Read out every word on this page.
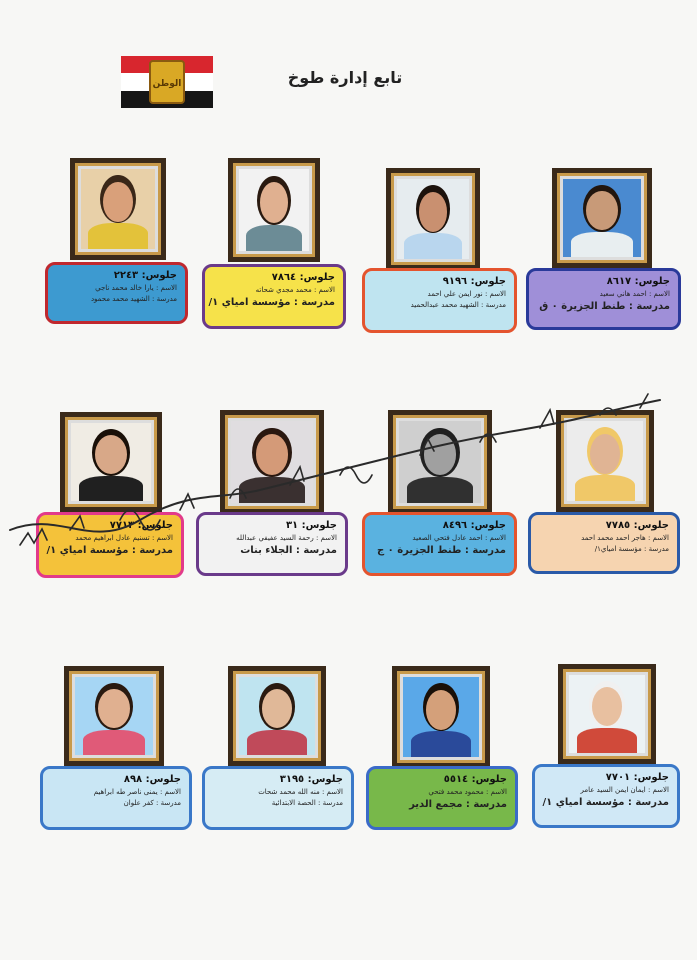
الوطن	تابع إدارة طوخ
جلوس: ٢٢٤٣
الاسم : يارا خالد محمد ناجي
مدرسة : الشهيد محمد محمود
جلوس: ٧٨٦٤
الاسم : محمد مجدي شحاته
مدرسة : مؤسسة امياي ١/
جلوس: ٩١٩٦
الاسم : نور ايمن علي احمد
مدرسة : الشهيد محمد عبدالحميد
جلوس: ٨٦١٧
الاسم : احمد هاني سعيد
مدرسة : طنط الجزيرة ٠ ق
جلوس: ٧٧١٣
الاسم : تسنيم عادل ابراهيم محمد
مدرسة : مؤسسة امياي ١/
جلوس: ٣١
الاسم : رحمة السيد عفيفي عبدالله
مدرسة : الجلاء بنات
جلوس: ٨٤٩٦
الاسم : احمد عادل فتحي الصعيد
مدرسة : طنط الجزيرة ٠ ج
جلوس: ٧٧٨٥
الاسم : هاجر احمد محمد احمد
مدرسة : مؤسسة امياي١/
جلوس: ٨٩٨
الاسم : يمنى ناصر طه ابراهيم
مدرسة : كفر علوان
جلوس: ٣١٩٥
الاسم : منه الله محمد شحات
مدرسة : الحصة الابتدائية
جلوس: ٥٥١٤
الاسم : محمود محمد فتحي
مدرسة : مجمع الدير
جلوس: ٧٧٠١
الاسم : ايمان ايمن السيد عامر
مدرسة : مؤسسة امياي ١/
